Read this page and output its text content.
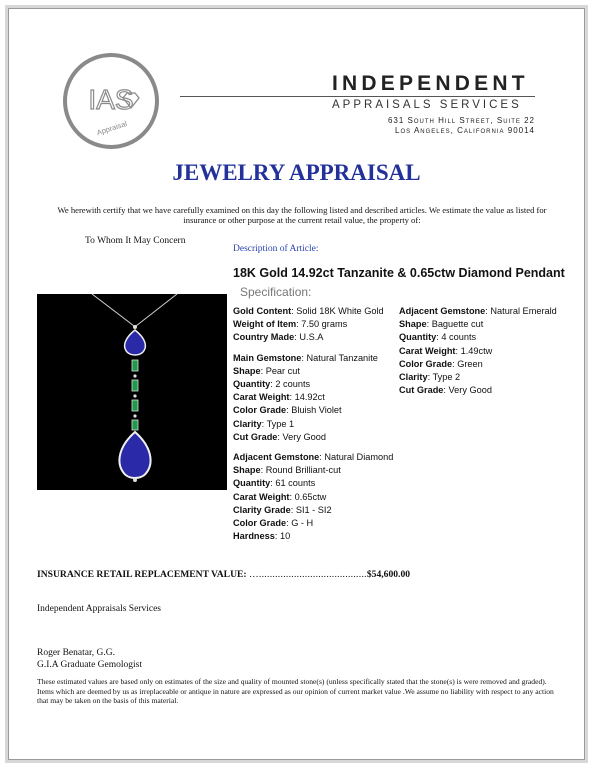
IAS
Appraisal
INDEPENDENT
APPRAISALS SERVICES
631 South Hill Street, Suite 22
Los Angeles, California 90014
JEWELRY APPRAISAL
We herewith certify that we have carefully examined on this day the following listed and described articles. We estimate the value as listed for insurance or other purpose at the current retail value, the property of:
To Whom It May Concern
Description of Article:
18K Gold 14.92ct Tanzanite & 0.65ctw Diamond Pendant
Specification:
Gold Content: Solid 18K White Gold
Weight of Item: 7.50 grams
Country Made: U.S.A
Main Gemstone: Natural Tanzanite
Shape: Pear cut
Quantity: 2 counts
Carat Weight: 14.92ct
Color Grade: Bluish Violet
Clarity: Type 1
Cut Grade: Very Good
Adjacent Gemstone: Natural Diamond
Shape: Round Brilliant-cut
Quantity: 61 counts
Carat Weight: 0.65ctw
Clarity Grade: SI1 - SI2
Color Grade: G - H
Hardness: 10
Adjacent Gemstone: Natural Emerald
Shape: Baguette cut
Quantity: 4 counts
Carat Weight: 1.49ctw
Color Grade: Green
Clarity: Type 2
Cut Grade: Very Good
INSURANCE RETAIL REPLACEMENT VALUE: …........................................$54,600.00
Independent Appraisals Services
Roger Benatar, G.G.
G.I.A Graduate Gemologist
These estimated values are based only on estimates of the size and quality of mounted stone(s) (unless specifically stated that the stone(s) is were removed and graded). Items which are deemed by us as irreplaceable or antique in nature are expressed as our opinion of current market value .We assume no liability with respect to any action that may be taken on the basis of this material.
